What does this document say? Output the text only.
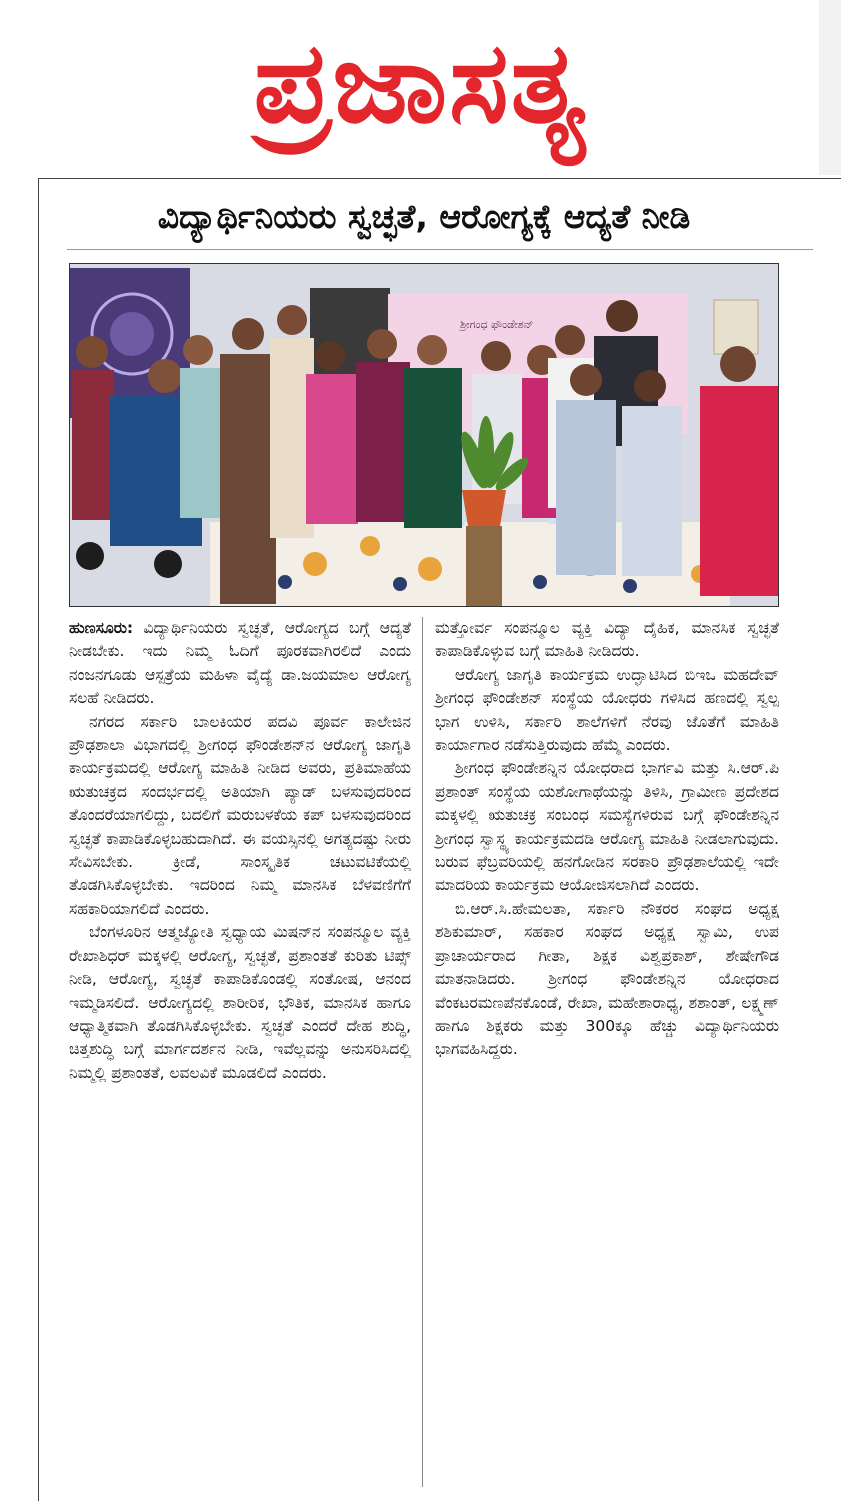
ಪ್ರಜಾಸತ್ಯ
ವಿದ್ಯಾರ್ಥಿನಿಯರು ಸ್ವಚ್ಛತೆ, ಆರೋಗ್ಯಕ್ಕೆ ಆದ್ಯತೆ ನೀಡಿ
ಶ್ರೀಗಂಧ ಫೌಂಡೇಶನ್

ಹುಣಸೂರು: ವಿದ್ಯಾರ್ಥಿನಿಯರು ಸ್ವಚ್ಛತೆ, ಆರೋಗ್ಯದ ಬಗ್ಗೆ ಆದ್ಯತೆ ನೀಡಬೇಕು. ಇದು ನಿಮ್ಮ ಓದಿಗೆ ಪೂರಕವಾಗಿರಲಿದೆ ಎಂದು ನಂಜನಗೂಡು ಆಸ್ಪತ್ರೆಯ ಮಹಿಳಾ ವೈದ್ಯೆ ಡಾ.ಜಯಮಾಲ ಆರೋಗ್ಯ ಸಲಹೆ ನೀಡಿದರು.

ನಗರದ ಸರ್ಕಾರಿ ಬಾಲಕಿಯರ ಪದವಿ ಪೂರ್ವ ಕಾಲೇಜಿನ ಪ್ರೌಢಶಾಲಾ ವಿಭಾಗದಲ್ಲಿ ಶ್ರೀಗಂಧ ಫೌಂಡೇಶನ್‌ನ ಆರೋಗ್ಯ ಜಾಗೃತಿ ಕಾರ್ಯಕ್ರಮದಲ್ಲಿ ಆರೋಗ್ಯ ಮಾಹಿತಿ ನೀಡಿದ ಅವರು, ಪ್ರತಿಮಾಹೆಯ ಋತುಚಕ್ರದ ಸಂದರ್ಭದಲ್ಲಿ ಅತಿಯಾಗಿ ಪ್ಯಾಡ್ ಬಳಸುವುದರಿಂದ ತೊಂದರೆಯಾಗಲಿದ್ದು, ಬದಲಿಗೆ ಮರುಬಳಕೆಯ ಕಪ್ ಬಳಸುವುದರಿಂದ ಸ್ವಚ್ಛತೆ ಕಾಪಾಡಿಕೊಳ್ಳಬಹುದಾಗಿದೆ. ಈ ವಯಸ್ಸಿನಲ್ಲಿ ಅಗತ್ಯದಷ್ಟು ನೀರು ಸೇವಿಸಬೇಕು. ಕ್ರೀಡೆ, ಸಾಂಸ್ಕೃತಿಕ ಚಟುವಟಿಕೆಯಲ್ಲಿ ತೊಡಗಿಸಿಕೊಳ್ಳಬೇಕು. ಇದರಿಂದ ನಿಮ್ಮ ಮಾನಸಿಕ ಬೆಳವಣಿಗೆಗೆ ಸಹಕಾರಿಯಾಗಲಿದೆ ಎಂದರು.

ಬೆಂಗಳೂರಿನ ಆತ್ಮಜ್ಯೋತಿ ಸ್ವಧ್ಯಾಯ ಮಿಷನ್‌ನ ಸಂಪನ್ಮೂಲ ವ್ಯಕ್ತಿ ರೇಖಾಶಿಧರ್ ಮಕ್ಕಳಲ್ಲಿ ಆರೋಗ್ಯ, ಸ್ವಚ್ಛತೆ, ಪ್ರಶಾಂತತೆ ಕುರಿತು ಟಿಪ್ಸ್ ನೀಡಿ, ಆರೋಗ್ಯ, ಸ್ವಚ್ಛತೆ ಕಾಪಾಡಿಕೊಂಡಲ್ಲಿ ಸಂತೋಷ, ಆನಂದ ಇಮ್ಮಡಿಸಲಿದೆ. ಆರೋಗ್ಯದಲ್ಲಿ ಶಾರೀರಿಕ, ಭೌತಿಕ, ಮಾನಸಿಕ ಹಾಗೂ ಆಧ್ಯಾತ್ಮಿಕವಾಗಿ ತೊಡಗಿಸಿಕೊಳ್ಳಬೇಕು. ಸ್ವಚ್ಛತೆ ಎಂದರೆ ದೇಹ ಶುದ್ಧಿ, ಚಿತ್ತಶುದ್ಧಿ ಬಗ್ಗೆ ಮಾರ್ಗದರ್ಶನ ನೀಡಿ, ಇವೆಲ್ಲವನ್ನು ಅನುಸರಿಸಿದಲ್ಲಿ ನಿಮ್ಮಲ್ಲಿ ಪ್ರಶಾಂತತೆ, ಲವಲವಿಕೆ ಮೂಡಲಿದೆ ಎಂದರು.

ಮತ್ತೋರ್ವ ಸಂಪನ್ಮೂಲ ವ್ಯಕ್ತಿ ವಿದ್ಯಾ ದೈಹಿಕ, ಮಾನಸಿಕ ಸ್ವಚ್ಛತೆ ಕಾಪಾಡಿಕೊಳ್ಳುವ ಬಗ್ಗೆ ಮಾಹಿತಿ ನೀಡಿದರು.

ಆರೋಗ್ಯ ಜಾಗೃತಿ ಕಾರ್ಯಕ್ರಮ ಉದ್ಘಾಟಿಸಿದ ಬಿಇಒ ಮಹದೇವ್ ಶ್ರೀಗಂಧ ಫೌಂಡೇಶನ್ ಸಂಸ್ಥೆಯ ಯೋಧರು ಗಳಿಸಿದ ಹಣದಲ್ಲಿ ಸ್ವಲ್ಪ ಭಾಗ ಉಳಿಸಿ, ಸರ್ಕಾರಿ ಶಾಲೆಗಳಿಗೆ ನೆರವು ಜೊತೆಗೆ ಮಾಹಿತಿ ಕಾರ್ಯಾಗಾರ ನಡೆಸುತ್ತಿರುವುದು ಹೆಮ್ಮೆ ಎಂದರು.

ಶ್ರೀಗಂಧ ಫೌಂಡೇಶನ್ನಿನ ಯೋಧರಾದ ಭಾರ್ಗವಿ ಮತ್ತು ಸಿ.ಆರ್.ಪಿ ಪ್ರಶಾಂತ್ ಸಂಸ್ಥೆಯ ಯಶೋಗಾಥೆಯನ್ನು ತಿಳಿಸಿ, ಗ್ರಾಮೀಣ ಪ್ರದೇಶದ ಮಕ್ಕಳಲ್ಲಿ ಋತುಚಕ್ರ ಸಂಬಂಧ ಸಮಸ್ಯೆಗಳಿರುವ ಬಗ್ಗೆ ಫೌಂಡೇಶನ್ನಿನ ಶ್ರೀಗಂಧ ಸ್ವಾಸ್ಥ್ಯ ಕಾರ್ಯಕ್ರಮದಡಿ ಆರೋಗ್ಯ ಮಾಹಿತಿ ನೀಡಲಾಗುವುದು. ಬರುವ ಫೆಬ್ರವರಿಯಲ್ಲಿ ಹನಗೋಡಿನ ಸರಕಾರಿ ಪ್ರೌಢಶಾಲೆಯಲ್ಲಿ ಇದೇ ಮಾದರಿಯ ಕಾರ್ಯಕ್ರಮ ಆಯೋಜಿಸಲಾಗಿದೆ ಎಂದರು.

ಬಿ.ಆರ್.ಸಿ.ಹೇಮಲತಾ, ಸರ್ಕಾರಿ ನೌಕರರ ಸಂಘದ ಅಧ್ಯಕ್ಷ ಶಶಿಕುಮಾರ್, ಸಹಕಾರ ಸಂಘದ ಅಧ್ಯಕ್ಷ ಸ್ವಾಮಿ, ಉಪ ಪ್ರಾಚಾರ್ಯರಾದ ಗೀತಾ, ಶಿಕ್ಷಕ ವಿಶ್ವಪ್ರಕಾಶ್, ಶೇಷೇಗೌಡ ಮಾತನಾಡಿದರು. ಶ್ರೀಗಂಧ ಫೌಂಡೇಶನ್ನಿನ ಯೋಧರಾದ ವೆಂಕಟರಮಣಪೆನಕೊಂಡೆ, ರೇಖಾ, ಮಹೇಶಾರಾಧ್ಯ, ಶಶಾಂತ್, ಲಕ್ಷ್ಮಣ್ ಹಾಗೂ ಶಿಕ್ಷಕರು ಮತ್ತು 300ಕ್ಕೂ ಹೆಚ್ಚು ವಿದ್ಯಾರ್ಥಿನಿಯರು ಭಾಗವಹಿಸಿದ್ದರು.
